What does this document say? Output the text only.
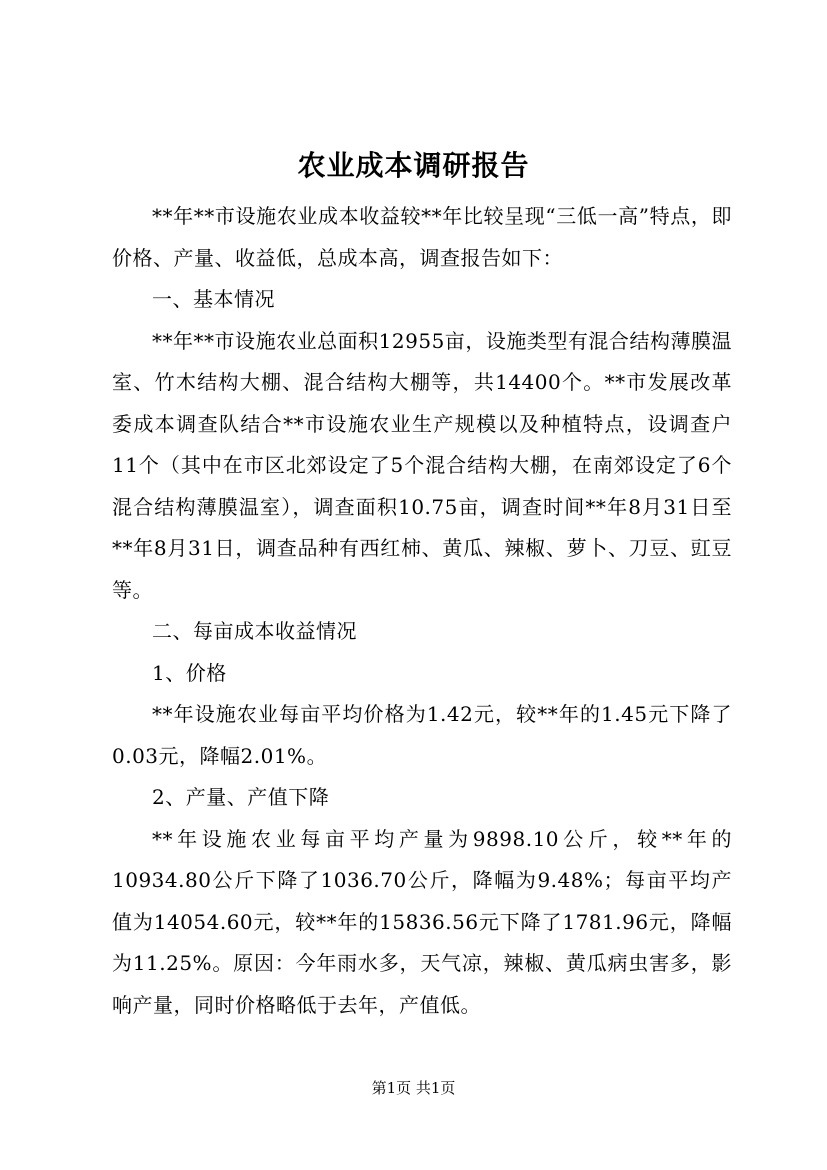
农业成本调研报告

**年**市设施农业成本收益较**年比较呈现“三低一高”特点，即价格、产量、收益低，总成本高，调查报告如下：

一、基本情况

**年**市设施农业总面积12955亩，设施类型有混合结构薄膜温室、竹木结构大棚、混合结构大棚等，共14400个。**市发展改革委成本调查队结合**市设施农业生产规模以及种植特点，设调查户11个（其中在市区北郊设定了5个混合结构大棚，在南郊设定了6个混合结构薄膜温室），调查面积10.75亩，调查时间**年8月31日至**年8月31日，调查品种有西红柿、黄瓜、辣椒、萝卜、刀豆、豇豆等。

二、每亩成本收益情况

1、价格

**年设施农业每亩平均价格为1.42元，较**年的1.45元下降了0.03元，降幅2.01%。

2、产量、产值下降

**年设施农业每亩平均产量为9898.10公斤，较**年的10934.80公斤下降了1036.70公斤，降幅为9.48%；每亩平均产值为14054.60元，较**年的15836.56元下降了1781.96元，降幅为11.25%。原因：今年雨水多，天气凉，辣椒、黄瓜病虫害多，影响产量，同时价格略低于去年，产值低。

第1页 共1页
